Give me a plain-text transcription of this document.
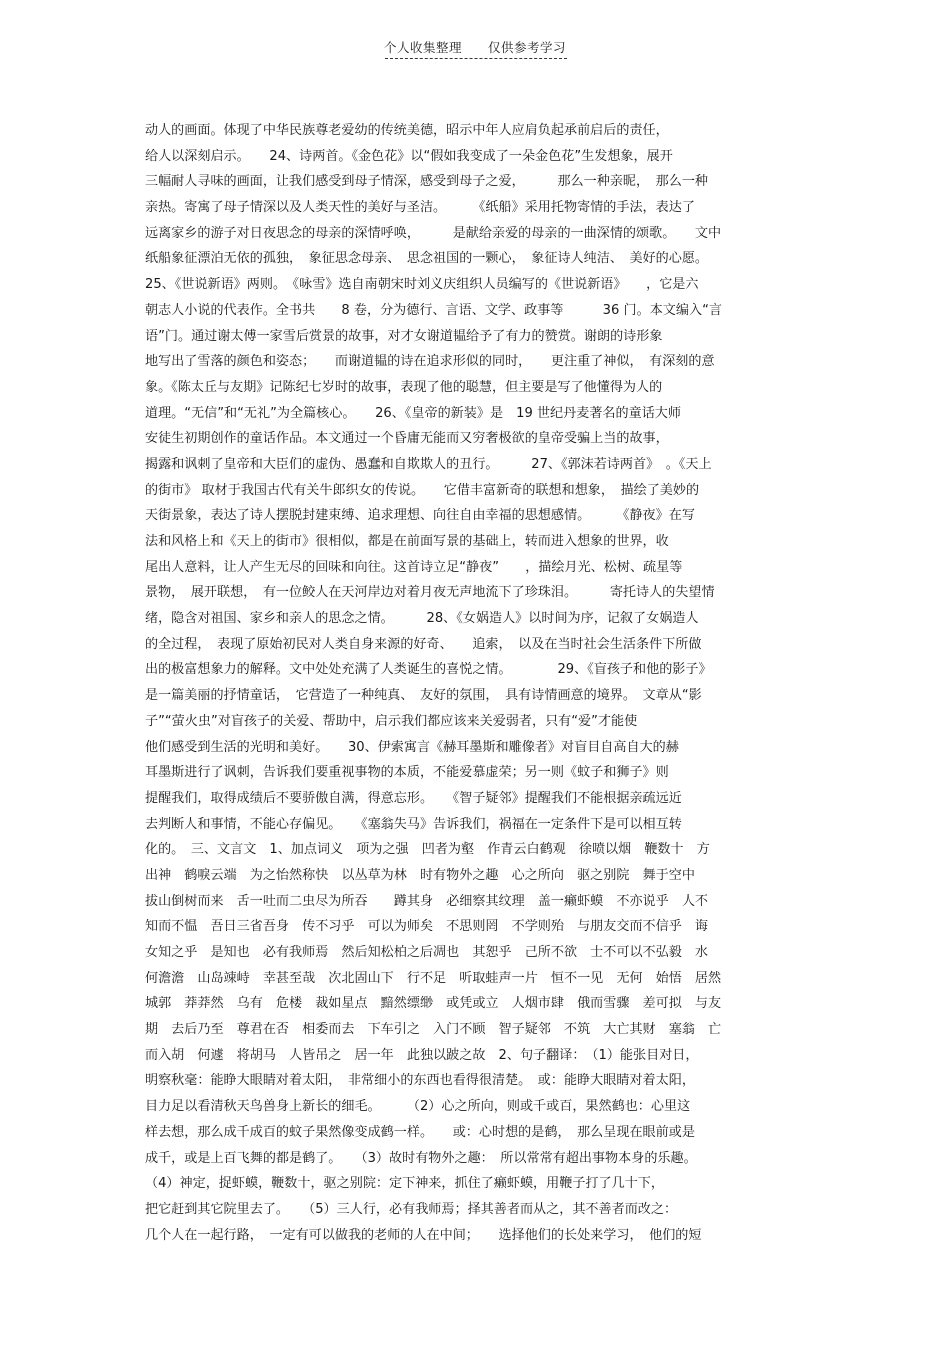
个人收集整理 仅供参考学习
动人的画面。体现了中华民族尊老爱幼的传统美德，昭示中年人应肩负起承前启后的责任，
给人以深刻启示。　　24、诗两首。《金色花》以“假如我变成了一朵金色花”生发想象，展开
三幅耐人寻味的画面，让我们感受到母子情深，感受到母子之爱，　　　那么一种亲昵，　那么一种
亲热。寄寓了母子情深以及人类天性的美好与圣洁。　　　《纸船》采用托物寄情的手法，表达了
远离家乡的游子对日夜思念的母亲的深情呼唤，　　　是献给亲爱的母亲的一曲深情的颂歌。　　文中
纸船象征漂泊无依的孤独，　象征思念母亲、　思念祖国的一颗心，　象征诗人纯洁、　美好的心愿。
25、《世说新语》两则。　《咏雪》选自南朝宋时刘义庆组织人员编写的《世说新语》　　，它是六
朝志人小说的代表作。全书共　　8 卷，分为德行、言语、文学、政事等　　　36 门。本文编入“言
语”门。通过谢太傅一家雪后赏景的故事，对才女谢道韫给予了有力的赞赏。谢朗的诗形象
地写出了雪落的颜色和姿态；　　而谢道韫的诗在追求形似的同时，　　更注重了神似，　有深刻的意
象。《陈太丘与友期》记陈纪七岁时的故事，表现了他的聪慧，但主要是写了他懂得为人的
道理。“无信”和“无礼”为全篇核心。　　26、《皇帝的新装》是　19 世纪丹麦著名的童话大师
安徒生初期创作的童话作品。本文通过一个昏庸无能而又穷奢极欲的皇帝受骗上当的故事，
揭露和讽刺了皇帝和大臣们的虚伪、愚蠢和自欺欺人的丑行。　　　27、《郭沫若诗两首》　。《天上
的街市》 取材于我国古代有关牛郎织女的传说。　　它借丰富新奇的联想和想象，　描绘了美妙的
天街景象，表达了诗人摆脱封建束缚、追求理想、向往自由幸福的思想感情。　　　《静夜》在写
法和风格上和《天上的街市》很相似，都是在前面写景的基础上，转而进入想象的世界，收
尾出人意料，让人产生无尽的回味和向往。这首诗立足“静夜”　　，描绘月光、松树、疏星等
景物，　展开联想，　有一位鲛人在天河岸边对着月夜无声地流下了珍珠泪。　　　寄托诗人的失望情
绪，隐含对祖国、家乡和亲人的思念之情。　　　28、《女娲造人》以时间为序，记叙了女娲造人
的全过程，　表现了原始初民对人类自身来源的好奇、　　追索，　以及在当时社会生活条件下所做
出的极富想象力的解释。文中处处充满了人类诞生的喜悦之情。　　　　29、《盲孩子和他的影子》
是一篇美丽的抒情童话，　它营造了一种纯真、　友好的氛围，　具有诗情画意的境界。　文章从“影
子”“萤火虫”对盲孩子的关爱、帮助中，启示我们都应该来关爱弱者，只有“爱”才能使
他们感受到生活的光明和美好。　　30、伊索寓言《赫耳墨斯和雕像者》对盲目自高自大的赫
耳墨斯进行了讽刺，告诉我们要重视事物的本质，不能爱慕虚荣；另一则《蚊子和狮子》则
提醒我们，取得成绩后不要骄傲自满，得意忘形。　　《智子疑邻》提醒我们不能根据亲疏远近
去判断人和事情，不能心存偏见。　　《塞翁失马》告诉我们，祸福在一定条件下是可以相互转
化的。　三、文言文　1、加点词义　项为之强　凹者为壑　作青云白鹤观　徐喷以烟　鞭数十　方
出神　鹤唳云端　为之怡然称快　以丛草为林　时有物外之趣　心之所向　驱之别院　舞于空中
拔山倒树而来　舌一吐而二虫尽为所吞　　蹲其身　必细察其纹理　盖一癞虾蟆　不亦说乎　人不
知而不愠　吾日三省吾身　传不习乎　可以为师矣　不思则罔　不学则殆　与朋友交而不信乎　诲
女知之乎　是知也　必有我师焉　然后知松柏之后凋也　其恕乎　己所不欲　士不可以不弘毅　水
何澹澹　山岛竦峙　幸甚至哉　次北固山下　行不足　听取蛙声一片　恒不一见　无何　始悟　居然
城郭　莽莽然　乌有　危楼　裁如星点　黯然缥缈　或凭或立　人烟市肆　俄而雪骤　差可拟　与友
期　去后乃至　尊君在否　相委而去　下车引之　入门不顾　智子疑邻　不筑　大亡其财　塞翁　亡
而入胡　何遽　将胡马　人皆吊之　居一年　此独以跛之故　2、句子翻译：　（1）能张目对日，
明察秋毫：能睁大眼睛对着太阳，　非常细小的东西也看得很清楚。　或：能睁大眼睛对着太阳，
目力足以看清秋天鸟兽身上新长的细毛。　　　（2）心之所向，则或千或百，果然鹤也：心里这
样去想，那么成千成百的蚊子果然像变成鹤一样。　　或：心时想的是鹤，　那么呈现在眼前或是
成千，或是上百飞舞的都是鹤了。　　（3）故时有物外之趣：　所以常常有超出事物本身的乐趣。
（4）神定，捉虾蟆，鞭数十，驱之别院：定下神来，抓住了癞虾蟆，用鞭子打了几十下，
把它赶到其它院里去了。　　（5）三人行，必有我师焉；择其善者而从之，其不善者而改之：
几个人在一起行路，　一定有可以做我的老师的人在中间；　　选择他们的长处来学习，　他们的短
